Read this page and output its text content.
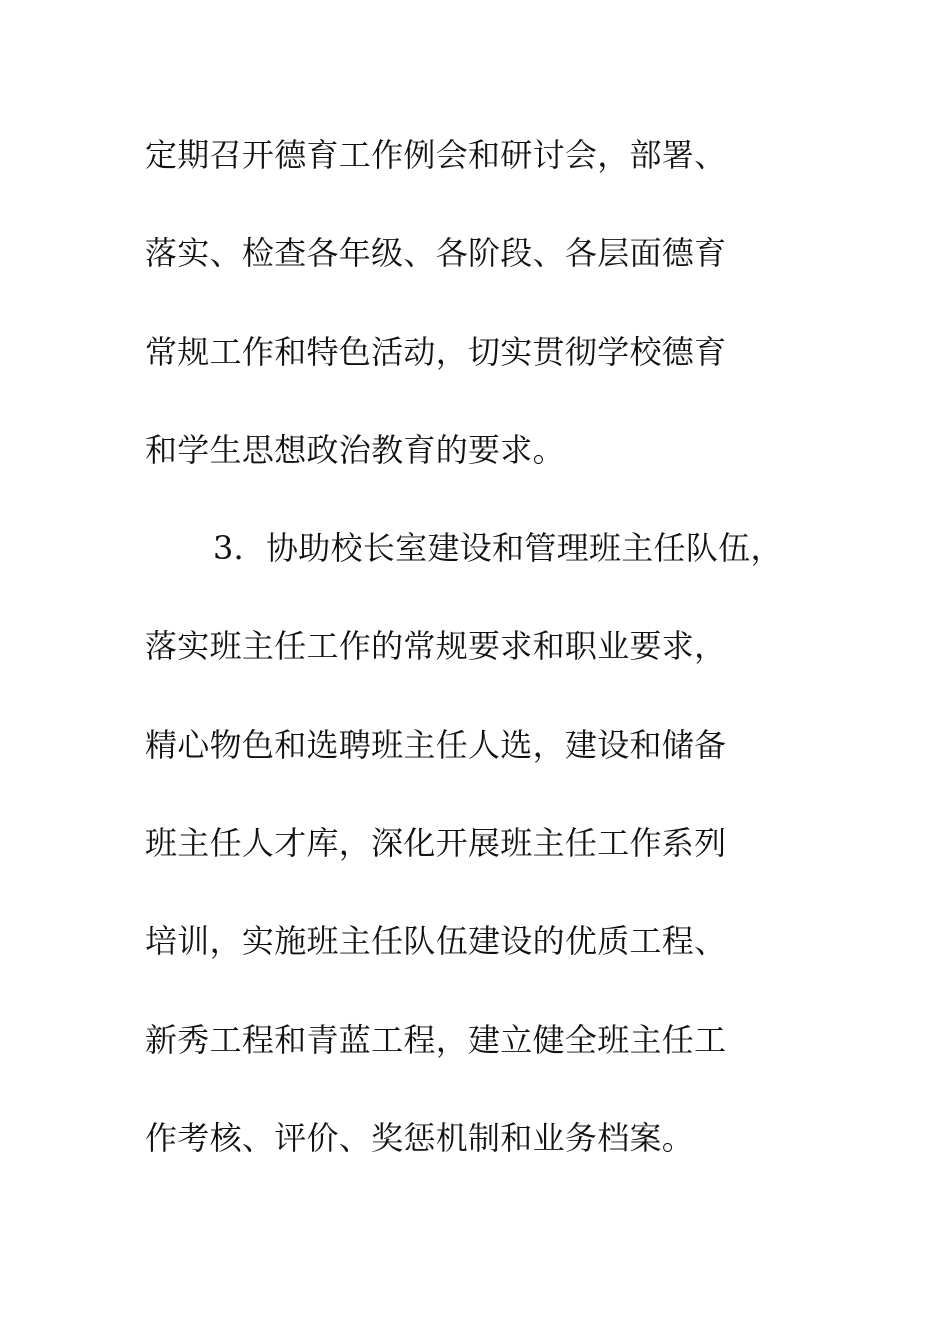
定期召开德育工作例会和研讨会，部署、
落实、检查各年级、各阶段、各层面德育
常规工作和特色活动，切实贯彻学校德育
和学生思想政治教育的要求。
3．协助校长室建设和管理班主任队伍，
落实班主任工作的常规要求和职业要求，
精心物色和选聘班主任人选，建设和储备
班主任人才库，深化开展班主任工作系列
培训，实施班主任队伍建设的优质工程、
新秀工程和青蓝工程，建立健全班主任工
作考核、评价、奖惩机制和业务档案。
